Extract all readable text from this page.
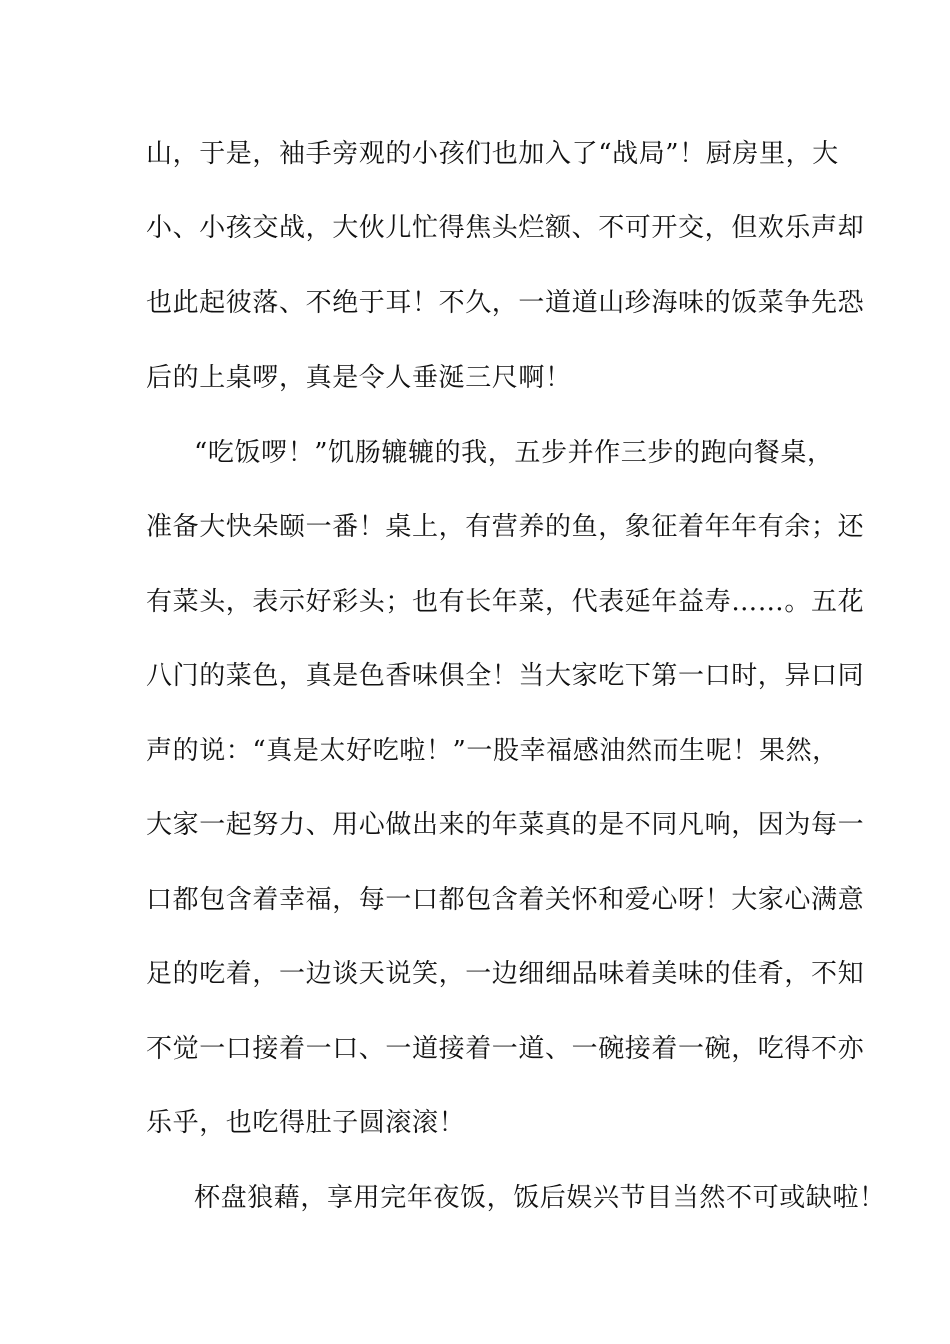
山，于是，袖手旁观的小孩们也加入了“战局”！厨房里，大
小、小孩交战，大伙儿忙得焦头烂额、不可开交，但欢乐声却
也此起彼落、不绝于耳！不久，一道道山珍海味的饭菜争先恐
后的上桌啰，真是令人垂涎三尺啊！
“吃饭啰！”饥肠辘辘的我，五步并作三步的跑向餐桌，
准备大快朵颐一番！桌上，有营养的鱼，象征着年年有余；还
有菜头，表示好彩头；也有长年菜，代表延年益寿……。五花
八门的菜色，真是色香味俱全！当大家吃下第一口时，异口同
声的说：“真是太好吃啦！”一股幸福感油然而生呢！果然，
大家一起努力、用心做出来的年菜真的是不同凡响，因为每一
口都包含着幸福，每一口都包含着关怀和爱心呀！大家心满意
足的吃着，一边谈天说笑，一边细细品味着美味的佳肴，不知
不觉一口接着一口、一道接着一道、一碗接着一碗，吃得不亦
乐乎，也吃得肚子圆滚滚！
杯盘狼藉，享用完年夜饭，饭后娱兴节目当然不可或缺啦！
